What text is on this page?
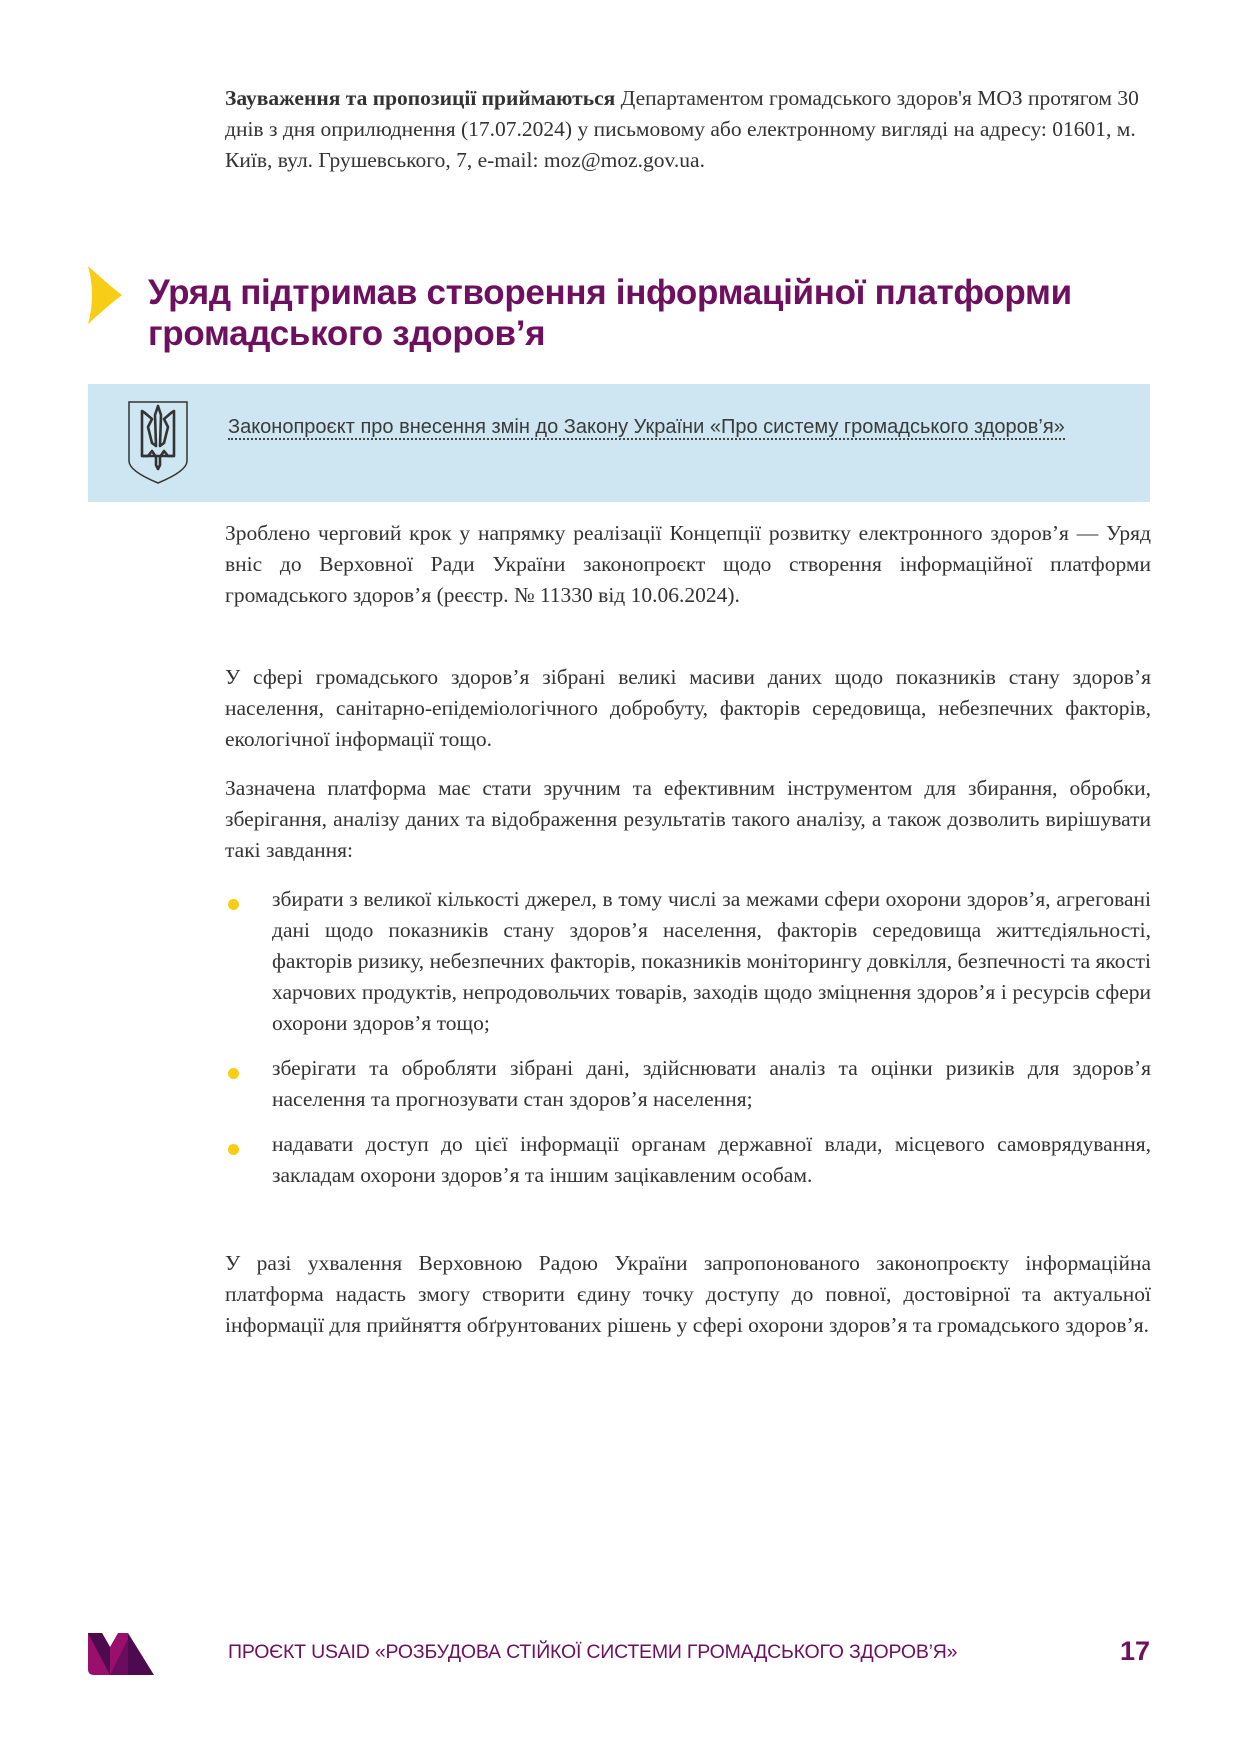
Зауваження та пропозиції приймаються Департаментом громадського здоров'я МОЗ протягом 30 днів з дня оприлюднення (17.07.2024) у письмовому або електронному вигляді на адресу: 01601, м. Київ, вул. Грушевського, 7, e-mail: moz@moz.gov.ua.

Уряд підтримав створення інформаційної платформи громадського здоров’я
Законопроєкт про внесення змін до Закону України «Про систему громадського здоров’я»

Зроблено черговий крок у напрямку реалізації Концепції розвитку електронного здоров’я — Уряд вніс до Верховної Ради України законопроєкт щодо створення інформаційної платформи громадського здоров’я (реєстр. № 11330 від 10.06.2024).

У сфері громадського здоров’я зібрані великі масиви даних щодо показників стану здоров’я населення, санітарно-епідеміологічного добробуту, факторів середовища, небезпечних факторів, екологічної інформації тощо.

Зазначена платформа має стати зручним та ефективним інструментом для збирання, обробки, зберігання, аналізу даних та відображення результатів такого аналізу, а також дозволить вирішувати такі завдання:

збирати з великої кількості джерел, в тому числі за межами сфери охорони здоров’я, агреговані дані щодо показників стану здоров’я населення, факторів середовища життєдіяльності, факторів ризику, небезпечних факторів, показників моніторингу довкілля, безпечності та якості харчових продуктів, непродовольчих товарів, заходів щодо зміцнення здоров’я і ресурсів сфери охорони здоров’я тощо;
зберігати та обробляти зібрані дані, здійснювати аналіз та оцінки ризиків для здоров’я населення та прогнозувати стан здоров’я населення;
надавати доступ до цієї інформації органам державної влади, місцевого самоврядування, закладам охорони здоров’я та іншим зацікавленим особам.

У разі ухвалення Верховною Радою України запропонованого законопроєкту інформаційна платформа надасть змогу створити єдину точку доступу до повної, достовірної та актуальної інформації для прийняття обґрунтованих рішень у сфері охорони здоров’я та громадського здоров’я.

ПРОЄКТ USAID «РОЗБУДОВА СТІЙКОЇ СИСТЕМИ ГРОМАДСЬКОГО ЗДОРОВ’Я»	17
